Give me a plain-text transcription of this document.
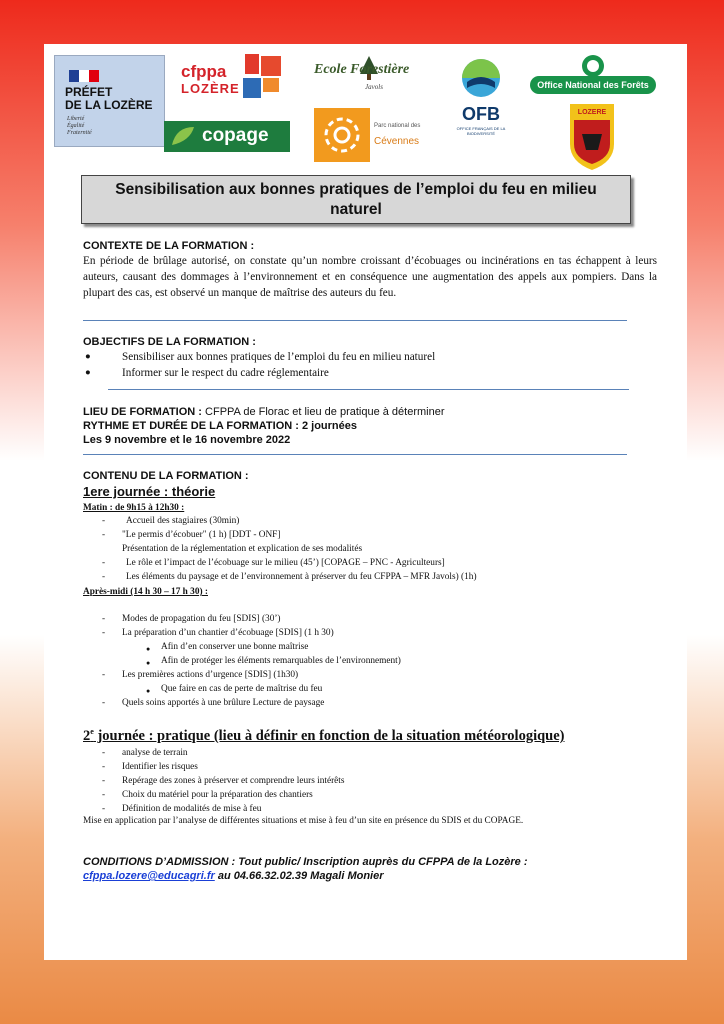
PRÉFET
DE LA LOZÈRE
Liberté
Égalité
Fraternité
cfppa
LOZÈRE
copage
Ecole Forestière
Javols
Parc national des
Cévennes
OFB
OFFICE FRANÇAIS DE LA BIODIVERSITÉ
Office National des Forêts
LOZERE
Sensibilisation aux bonnes pratiques de l’emploi du feu en milieu naturel
CONTEXTE DE LA FORMATION :
En période de brûlage autorisé, on constate qu’un nombre croissant d’écobuages ou incinérations en tas échappent à leurs auteurs, causant des dommages à l’environnement et en conséquence une augmentation des appels aux pompiers. Dans la plupart des cas, est observé un manque de maîtrise des auteurs du feu.
OBJECTIFS DE LA FORMATION :
●	Sensibiliser aux bonnes pratiques de l’emploi du feu en milieu naturel
●	Informer sur le respect du cadre réglementaire
LIEU DE FORMATION : CFPPA de Florac et lieu de pratique à déterminer
RYTHME ET DURÉE DE LA FORMATION : 2 journées
Les 9 novembre et le 16 novembre 2022
CONTENU DE LA FORMATION :
1ere journée : théorie
Matin : de 9h15 à 12h30 :
- Accueil des stagiaires (30min)
- "Le permis d’écobuer" (1 h) [DDT - ONF]
Présentation de la réglementation et explication de ses modalités
- Le rôle et l’impact de l’écobuage sur le milieu (45’) [COPAGE – PNC - Agriculteurs]
- Les éléments du paysage et de l’environnement à préserver du feu CFPPA – MFR Javols) (1h)
Après-midi (14 h 30 – 17 h 30) :
- Modes de propagation du feu [SDIS] (30’)
- La préparation d’un chantier d’écobuage [SDIS] (1 h 30)
● Afin d’en conserver une bonne maîtrise
● Afin de protéger les éléments remarquables de l’environnement)
- Les premières actions d’urgence [SDIS] (1h30)
● Que faire en cas de perte de maîtrise du feu
- Quels soins apportés à une brûlure Lecture de paysage
2e journée : pratique (lieu à définir en fonction de la situation météorologique)
- analyse de terrain
- Identifier les risques
- Repérage des zones à préserver et comprendre leurs intérêts
- Choix du matériel pour la préparation des chantiers
- Définition de modalités de mise à feu
Mise en application par l’analyse de différentes situations et mise à feu d’un site en présence du SDIS et du COPAGE.
CONDITIONS D’ADMISSION : Tout public/ Inscription auprès du CFPPA de la Lozère :
cfppa.lozere@educagri.fr au 04.66.32.02.39 Magali Monier
